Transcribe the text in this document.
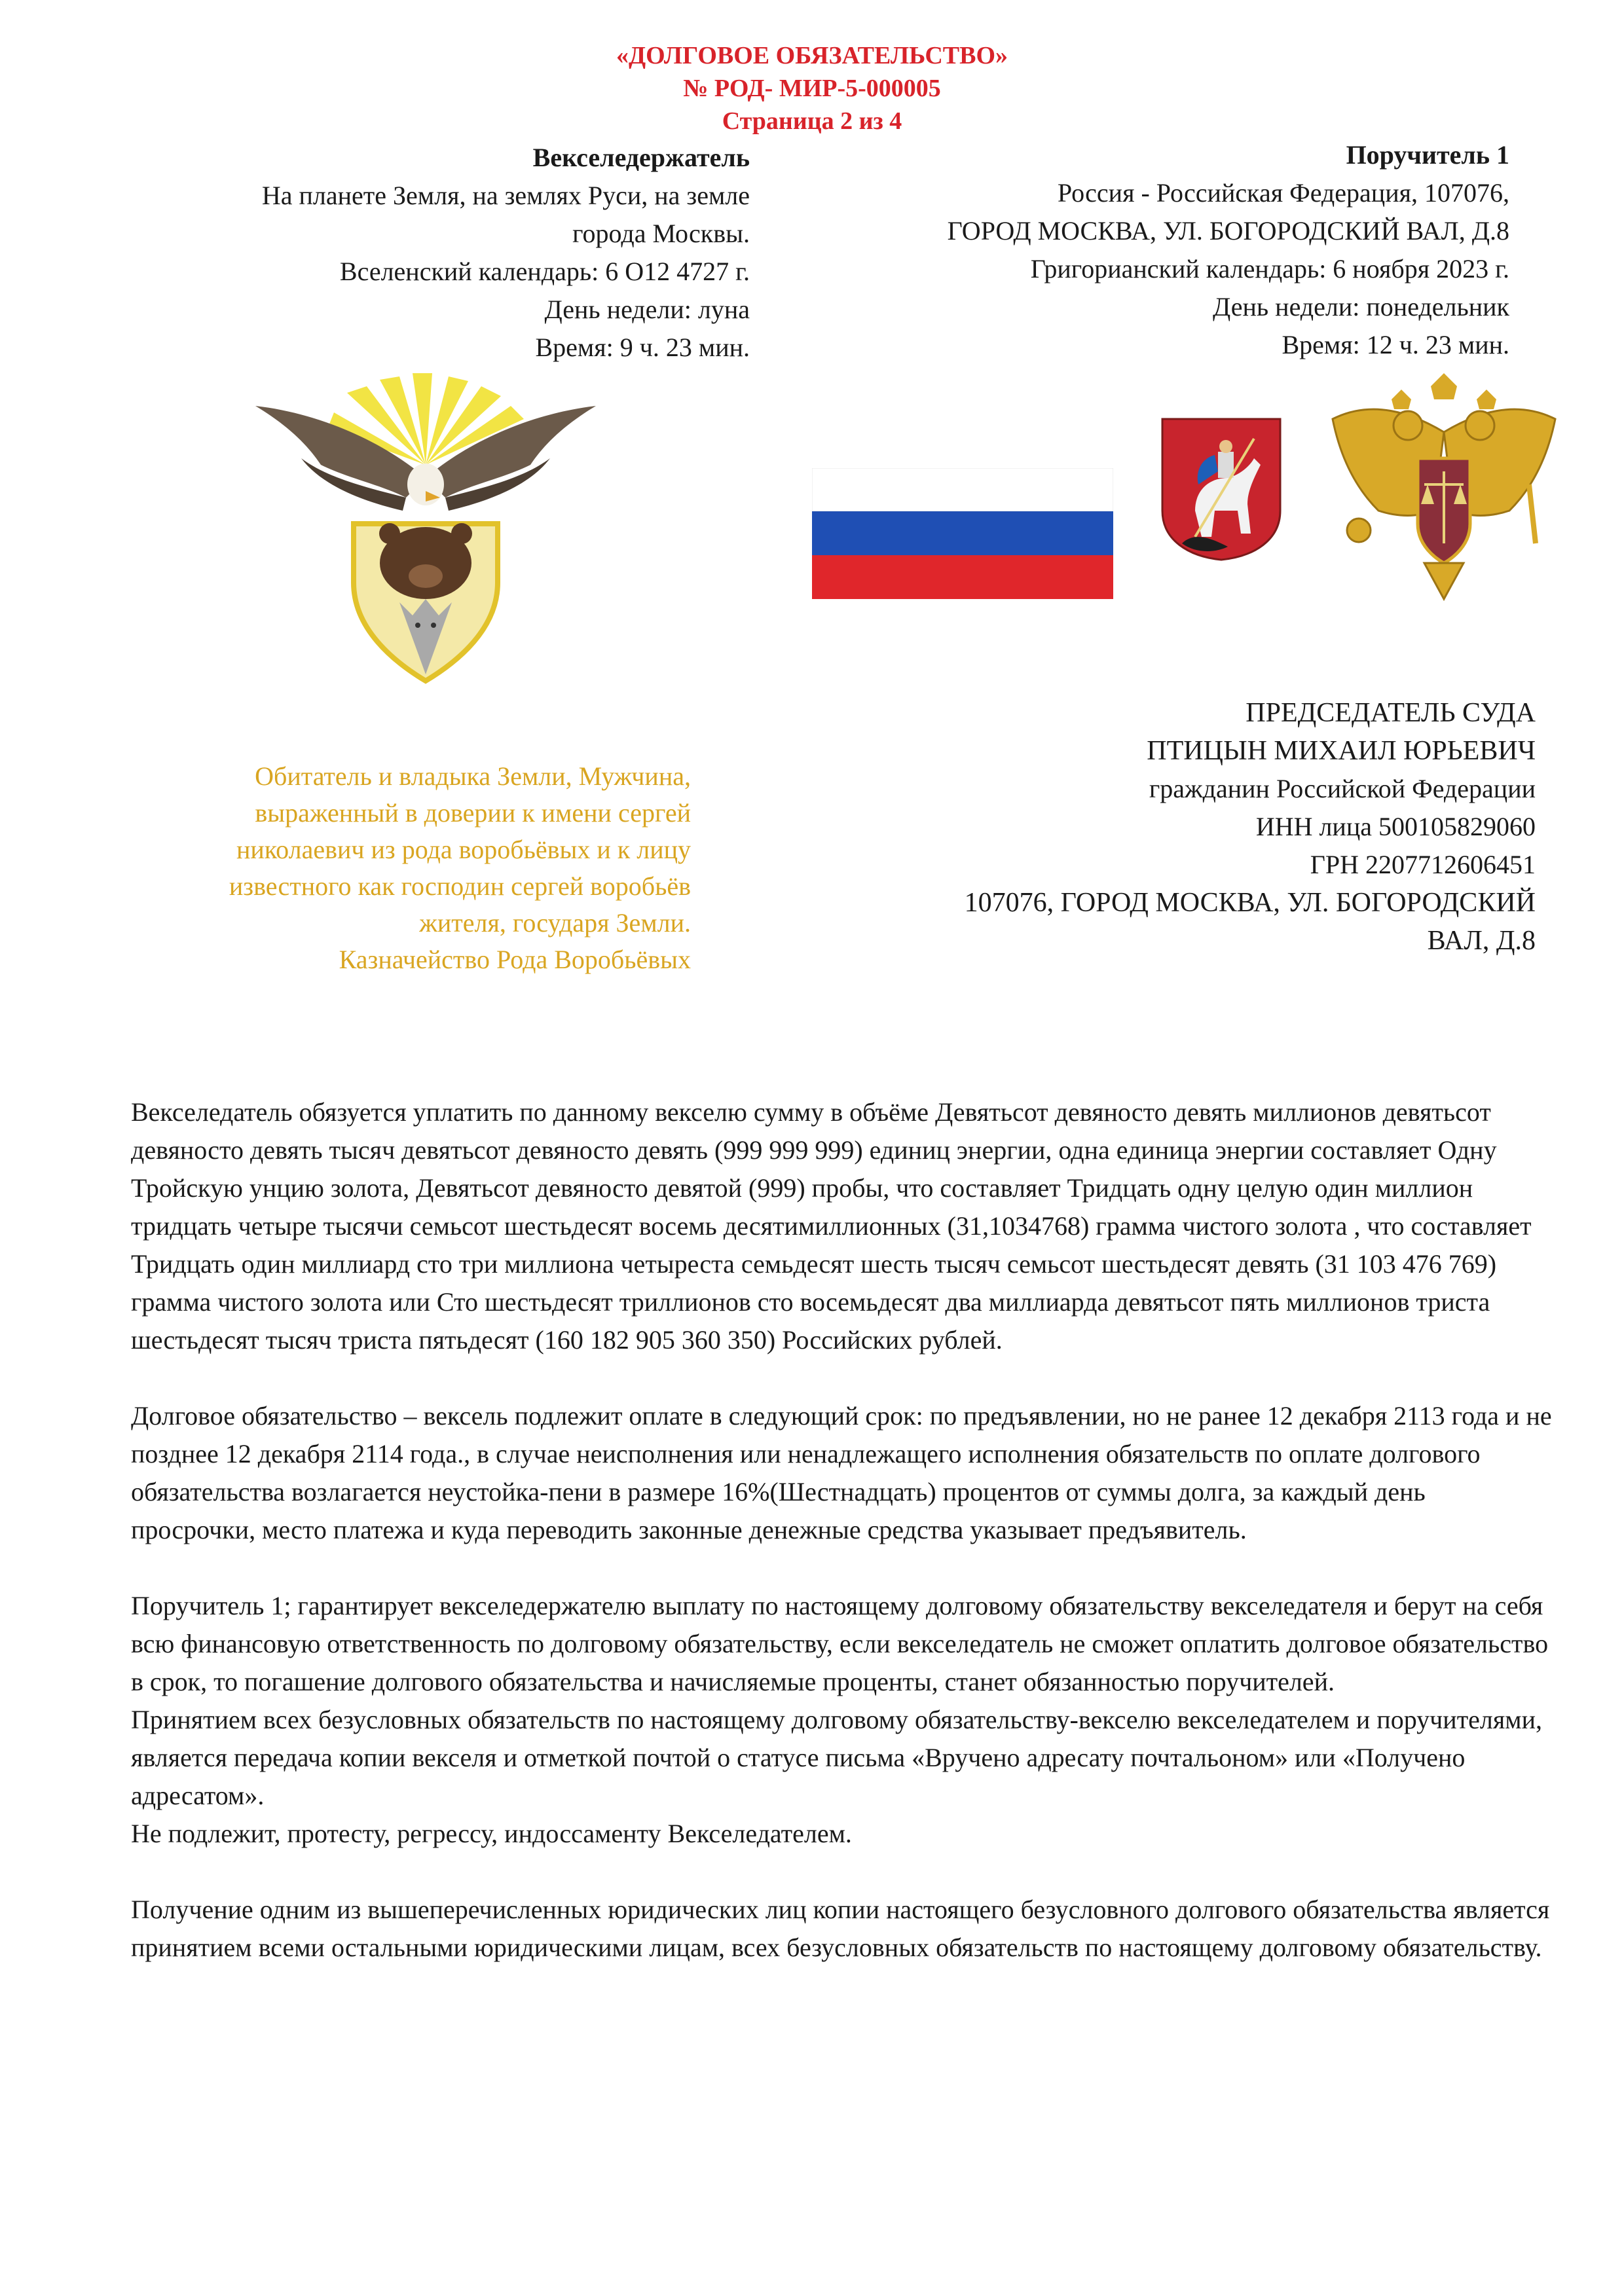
«ДОЛГОВОЕ ОБЯЗАТЕЛЬСТВО»
№ РОД- МИР-5-000005
Страница 2 из 4
Векселедержатель
На планете Земля, на землях Руси, на земле
города Москвы.
Вселенский календарь: 6 О12 4727 г.
День недели: луна
Время: 9 ч. 23 мин.
Поручитель 1
Россия - Российская Федерация, 107076,
ГОРОД МОСКВА, УЛ. БОГОРОДСКИЙ ВАЛ, Д.8
Григорианский календарь: 6 ноября 2023 г.
День недели: понедельник
Время: 12 ч. 23 мин.
ПРЕДСЕДАТЕЛЬ СУДА
ПТИЦЫН МИХАИЛ ЮРЬЕВИЧ
гражданин Российской Федерации
ИНН лица 500105829060
ГРН 2207712606451
107076, ГОРОД МОСКВА, УЛ. БОГОРОДСКИЙ
ВАЛ, Д.8
Обитатель и владыка Земли, Мужчина,
выраженный в доверии к имени сергей
николаевич из рода воробьёвых и к лицу
известного как господин сергей воробьёв
жителя, государя Земли.
Казначейство Рода Воробьёвых

Векселедатель обязуется уплатить по данному векселю сумму в объёме Девятьсот девяносто девять миллионов девятьсот девяносто девять тысяч девятьсот девяносто девять (999 999 999) единиц энергии, одна единица энергии составляет Одну Тройскую унцию золота, Девятьсот девяносто девятой (999) пробы, что составляет Тридцать одну целую один миллион тридцать четыре тысячи семьсот шестьдесят восемь десятимиллионных (31,1034768) грамма чистого золота , что составляет Тридцать один миллиард сто три миллиона четыреста семьдесят шесть тысяч семьсот шестьдесят девять (31 103 476 769) грамма чистого золота или Сто шестьдесят триллионов сто восемьдесят два миллиарда девятьсот пять миллионов триста шестьдесят тысяч триста пятьдесят (160 182 905 360 350) Российских рублей.

Долговое обязательство – вексель подлежит оплате в следующий срок: по предъявлении, но не ранее 12 декабря 2113 года и не позднее 12 декабря 2114 года., в случае неисполнения или ненадлежащего исполнения обязательств по оплате долгового обязательства возлагается неустойка-пени в размере 16%(Шестнадцать) процентов от суммы долга, за каждый день просрочки, место платежа и куда переводить законные денежные средства указывает предъявитель.

Поручитель 1; гарантирует векселедержателю выплату по настоящему долговому обязательству векселедателя и берут на себя всю финансовую ответственность по долговому обязательству, если векселедатель не сможет оплатить долговое обязательство в срок, то погашение долгового обязательства и начисляемые проценты, станет обязанностью поручителей.

Принятием всех безусловных обязательств по настоящему долговому обязательству-векселю векселедателем и поручителями, является передача копии векселя и отметкой почтой о статусе письма «Вручено адресату почтальоном» или «Получено адресатом».

Не подлежит, протесту, регрессу, индоссаменту Векселедателем.

Получение одним из вышеперечисленных юридических лиц копии настоящего безусловного долгового обязательства является принятием всеми остальными юридическими лицам, всех безусловных обязательств по настоящему долговому обязательству.
